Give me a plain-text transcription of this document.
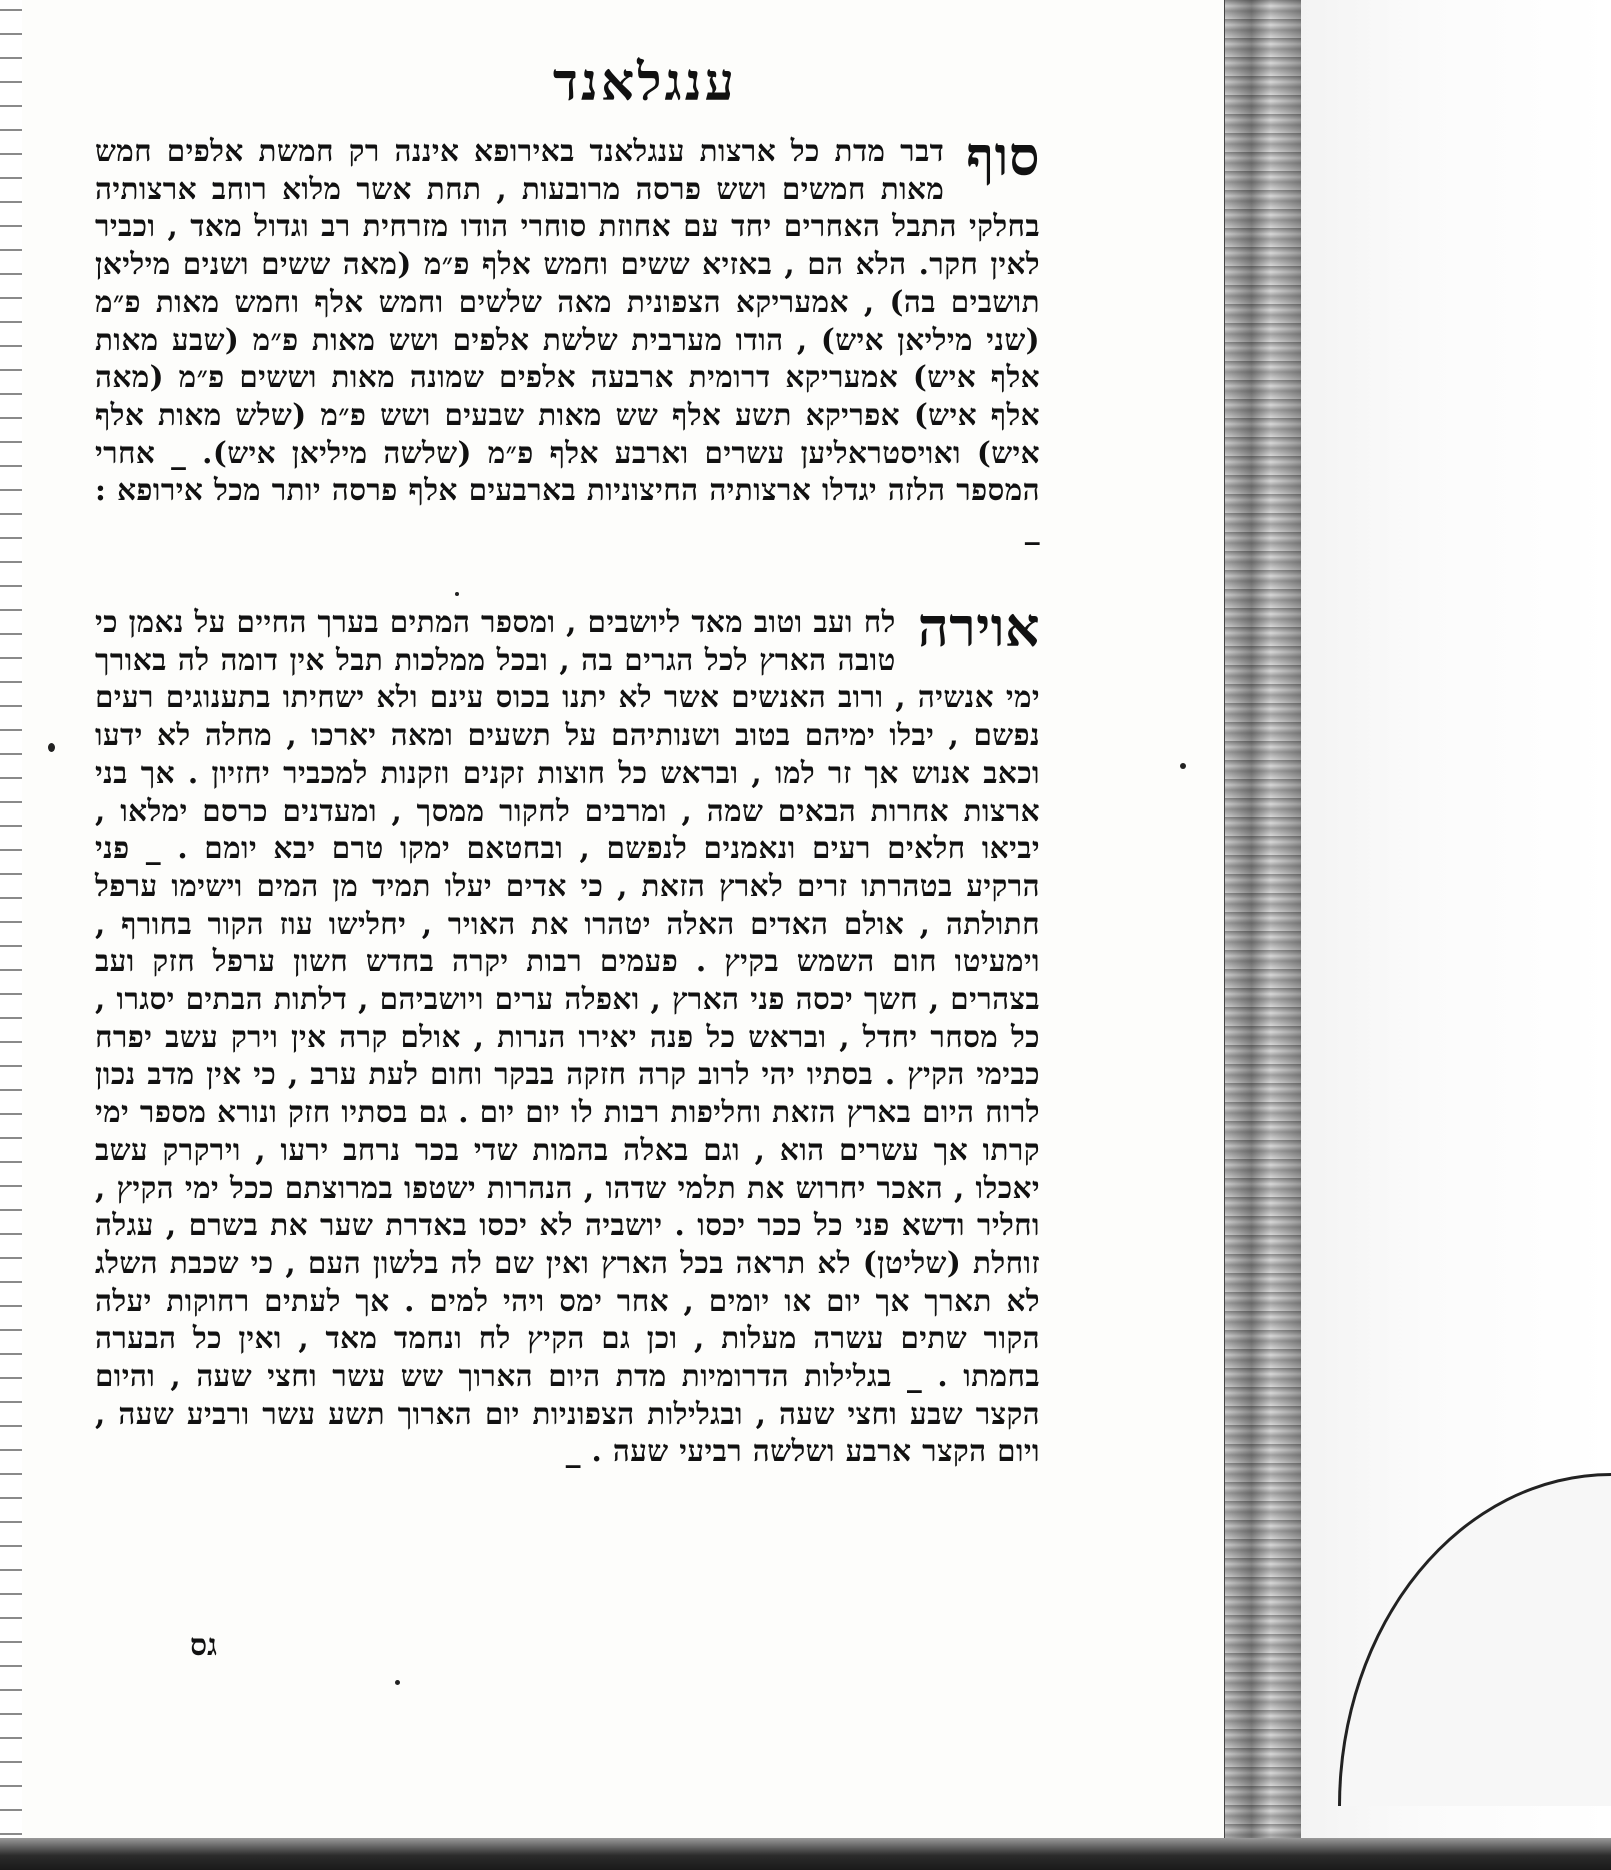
ענגלאנד
סוף
דבר מדת כל ארצות ענגלאנד באירופא איננה רק חמשת אלפים חמש מאות חמשים ושש פרסה מרובעות , תחת אשר מלוא רוחב ארצותיה בחלקי התבל האחרים יחד עם אחוזת סוחרי הודו מזרחית רב וגדול מאד , וכביר לאין חקר. הלא הם , באזיא ששים וחמש אלף פ״מ (מאה ששים ושנים מיליאן תושבים בה) , אמעריקא הצפונית מאה שלשים וחמש אלף וחמש מאות פ״מ (שני מיליאן איש) , הודו מערבית שלשת אלפים ושש מאות פ״מ (שבע מאות אלף איש) אמעריקא דרומית ארבעה אלפים שמונה מאות וששים פ״מ (מאה אלף איש) אפריקא תשע אלף שש מאות שבעים ושש פ״מ (שלש מאות אלף איש) ואויסטראליען עשרים וארבע אלף פ״מ (שלשה מיליאן איש). _ אחרי המספר הלזה יגדלו ארצותיה החיצוניות בארבעים אלף פרסה יותר מכל אירופא : _
אוירה
לח ועב וטוב מאד ליושבים , ומספר המתים בערך החיים על נאמן כי טובה הארץ לכל הגרים בה , ובכל ממלכות תבל אין דומה לה באורך ימי אנשיה , ורוב האנשים אשר לא יתנו בכוס עינם ולא ישחיתו בתענוגים רעים נפשם , יבלו ימיהם בטוב ושנותיהם על תשעים ומאה יארכו , מחלה לא ידעו וכאב אנוש אך זר למו , ובראש כל חוצות זקנים וזקנות למכביר יחזיון . אך בני ארצות אחרות הבאים שמה , ומרבים לחקור ממסך , ומעדנים כרסם ימלאו , יביאו חלאים רעים ונאמנים לנפשם , ובחטאם ימקו טרם יבא יומם . _ פני הרקיע בטהרתו זרים לארץ הזאת , כי אדים יעלו תמיד מן המים וישימו ערפל חתולתה , אולם האדים האלה יטהרו את האויר , יחלישו עוז הקור בחורף , וימעיטו חום השמש בקיץ . פעמים רבות יקרה בחדש חשון ערפל חזק ועב בצהרים , חשך יכסה פני הארץ , ואפלה ערים ויושביהם , דלתות הבתים יסגרו , כל מסחר יחדל , ובראש כל פנה יאירו הנרות , אולם קרה אין וירק עשב יפרח כבימי הקיץ . בסתיו יהי לרוב קרה חזקה בבקר וחום לעת ערב , כי אין מדב נכון לרוח היום בארץ הזאת וחליפות רבות לו יום יום . גם בסתיו חזק ונורא מספר ימי קרתו אך עשרים הוא , וגם באלה בהמות שדי בכר נרחב ירעו , וירקרק עשב יאכלו , האכר יחרוש את תלמי שדהו , הנהרות ישטפו במרוצתם ככל ימי הקיץ , וחליר ודשא פני כל ככר יכסו . יושביה לא יכסו באדרת שער את בשרם , עגלה זוחלת (שליטן) לא תראה בכל הארץ ואין שם לה בלשון העם , כי שכבת השלג לא תארך אך יום או יומים , אחר ימס ויהי למים . אך לעתים רחוקות יעלה הקור שתים עשרה מעלות , וכן גם הקיץ לח ונחמד מאד , ואין כל הבערה בחמתו . _ בגלילות הדרומיות מדת היום הארוך שש עשר וחצי שעה , והיום הקצר שבע וחצי שעה , ובגלילות הצפוניות יום הארוך תשע עשר ורביע שעה , ויום הקצר ארבע ושלשה רביעי שעה . _
גס
